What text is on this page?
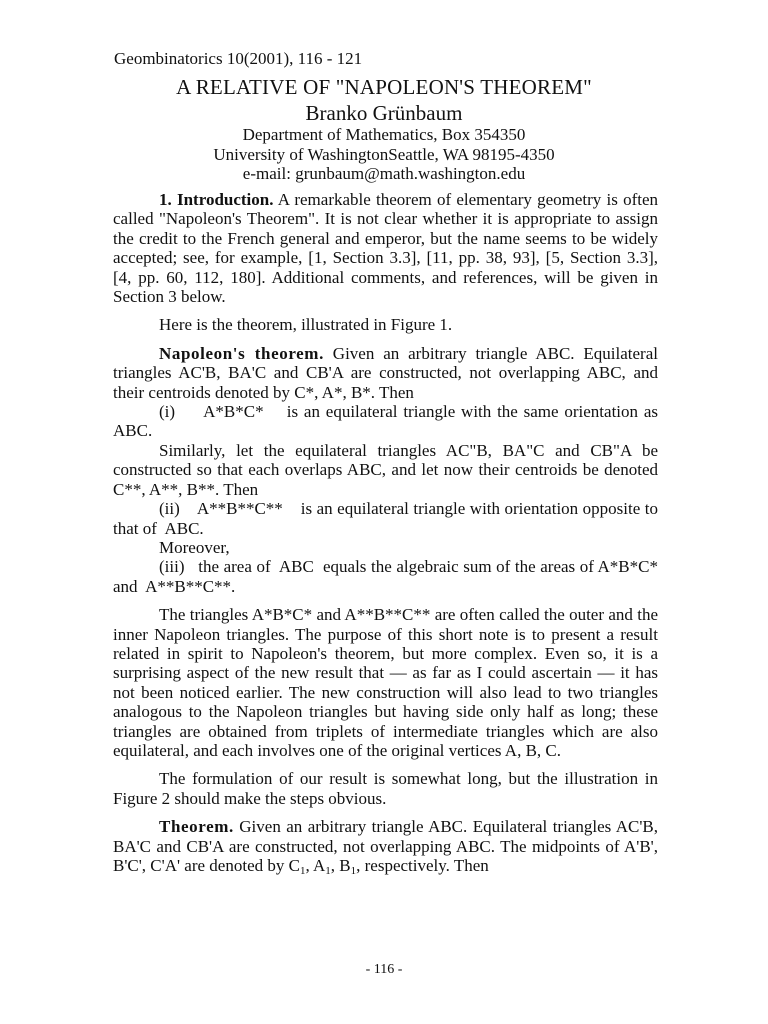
Geombinatorics 10(2001), 116 - 121
A RELATIVE OF "NAPOLEON'S THEOREM"
Branko Grünbaum
Department of Mathematics, Box 354350
University of WashingtonSeattle, WA 98195-4350
e-mail: grunbaum@math.washington.edu

1. Introduction. A remarkable theorem of elementary geometry is often called "Napoleon's Theorem". It is not clear whether it is appropriate to assign the credit to the French general and emperor, but the name seems to be widely accepted; see, for example, [1, Section 3.3], [11, pp. 38, 93], [5, Section 3.3], [4, pp. 60, 112, 180]. Additional comments, and references, will be given in Section 3 below.

Here is the theorem, illustrated in Figure 1.

Napoleon's theorem. Given an arbitrary triangle ABC. Equilateral triangles AC'B, BA'C and CB'A are constructed, not overlapping ABC, and their centroids denoted by C*, A*, B*. Then

(i)     A*B*C*    is an equilateral triangle with the same orientation as  ABC.

Similarly, let the equilateral triangles AC"B, BA"C and CB"A be constructed so that each overlaps ABC, and let now their centroids be denoted C**, A**, B**. Then

(ii)    A**B**C**    is an equilateral triangle with orientation opposite to that of  ABC.

Moreover,

(iii)   the area of  ABC  equals the algebraic sum of the areas of A*B*C*  and  A**B**C**.

The triangles A*B*C* and A**B**C** are often called the outer and the inner Napoleon triangles. The purpose of this short note is to present a result related in spirit to Napoleon's theorem, but more complex. Even so, it is a surprising aspect of the new result that — as far as I could ascertain — it has not been noticed earlier. The new construction will also lead to two triangles analogous to the Napoleon triangles but having side only half as long; these triangles are obtained from triplets of intermediate triangles which are also equilateral, and each involves one of the original vertices A, B, C.

The formulation of our result is somewhat long, but the illustration in Figure 2 should make the steps obvious.

Theorem. Given an arbitrary triangle ABC. Equilateral triangles AC'B, BA'C and CB'A are constructed, not overlapping ABC. The midpoints of A'B', B'C', C'A' are denoted by $C_1$, $A_1$, $B_1$, respectively. Then

- 116 -
